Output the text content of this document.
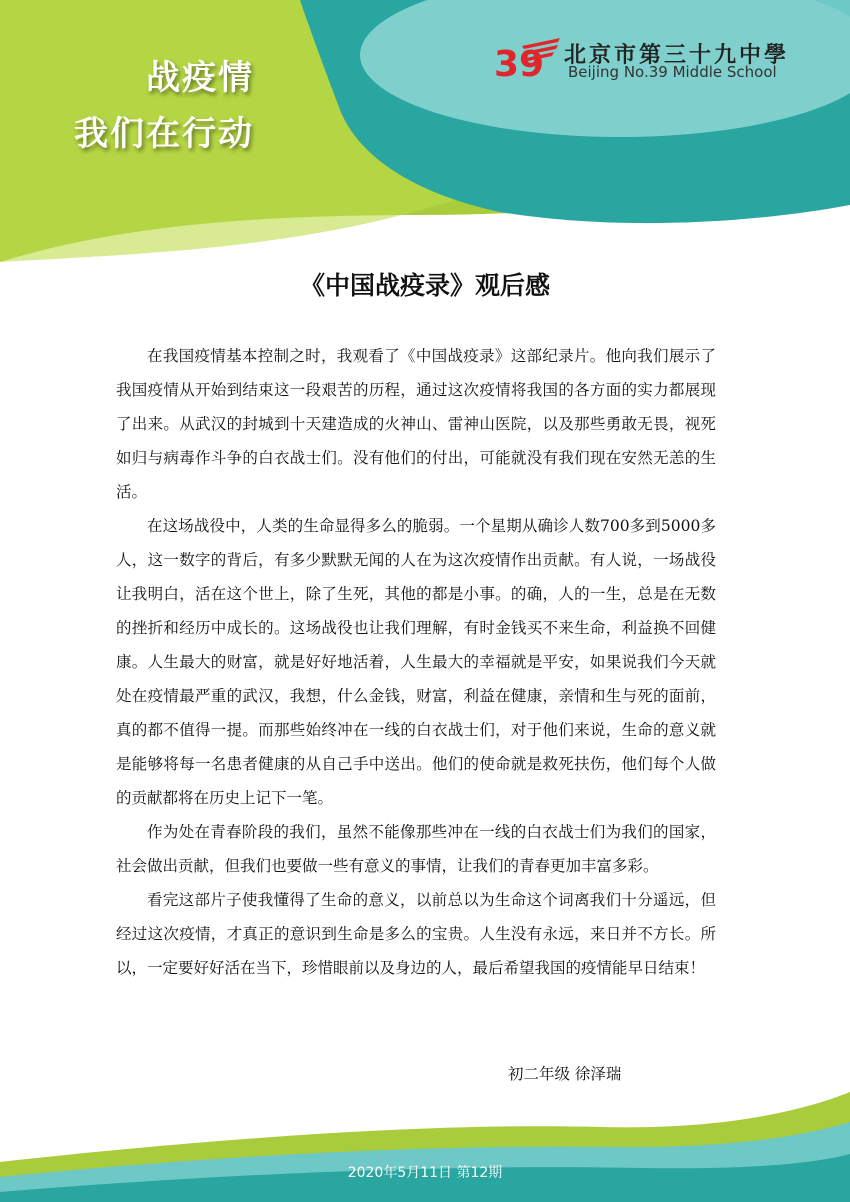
战疫情
我们在行动
39 北京市第三十九中學
Beijing No.39 Middle School
《中国战疫录》观后感

在我国疫情基本控制之时，我观看了《中国战疫录》这部纪录片。他向我们展示了我国疫情从开始到结束这一段艰苦的历程，通过这次疫情将我国的各方面的实力都展现了出来。从武汉的封城到十天建造成的火神山、雷神山医院，以及那些勇敢无畏，视死如归与病毒作斗争的白衣战士们。没有他们的付出，可能就没有我们现在安然无恙的生活。

在这场战役中，人类的生命显得多么的脆弱。一个星期从确诊人数700多到5000多人，这一数字的背后，有多少默默无闻的人在为这次疫情作出贡献。有人说，一场战役让我明白，活在这个世上，除了生死，其他的都是小事。的确，人的一生，总是在无数的挫折和经历中成长的。这场战役也让我们理解，有时金钱买不来生命，利益换不回健康。人生最大的财富，就是好好地活着，人生最大的幸福就是平安，如果说我们今天就处在疫情最严重的武汉，我想，什么金钱，财富，利益在健康，亲情和生与死的面前，真的都不值得一提。而那些始终冲在一线的白衣战士们，对于他们来说，生命的意义就是能够将每一名患者健康的从自己手中送出。他们的使命就是救死扶伤，他们每个人做的贡献都将在历史上记下一笔。

作为处在青春阶段的我们，虽然不能像那些冲在一线的白衣战士们为我们的国家，社会做出贡献，但我们也要做一些有意义的事情，让我们的青春更加丰富多彩。

看完这部片子使我懂得了生命的意义，以前总以为生命这个词离我们十分遥远，但经过这次疫情，才真正的意识到生命是多么的宝贵。人生没有永远，来日并不方长。所以，一定要好好活在当下，珍惜眼前以及身边的人，最后希望我国的疫情能早日结束！

初二年级 徐泽瑞
2020年5月11日 第12期
